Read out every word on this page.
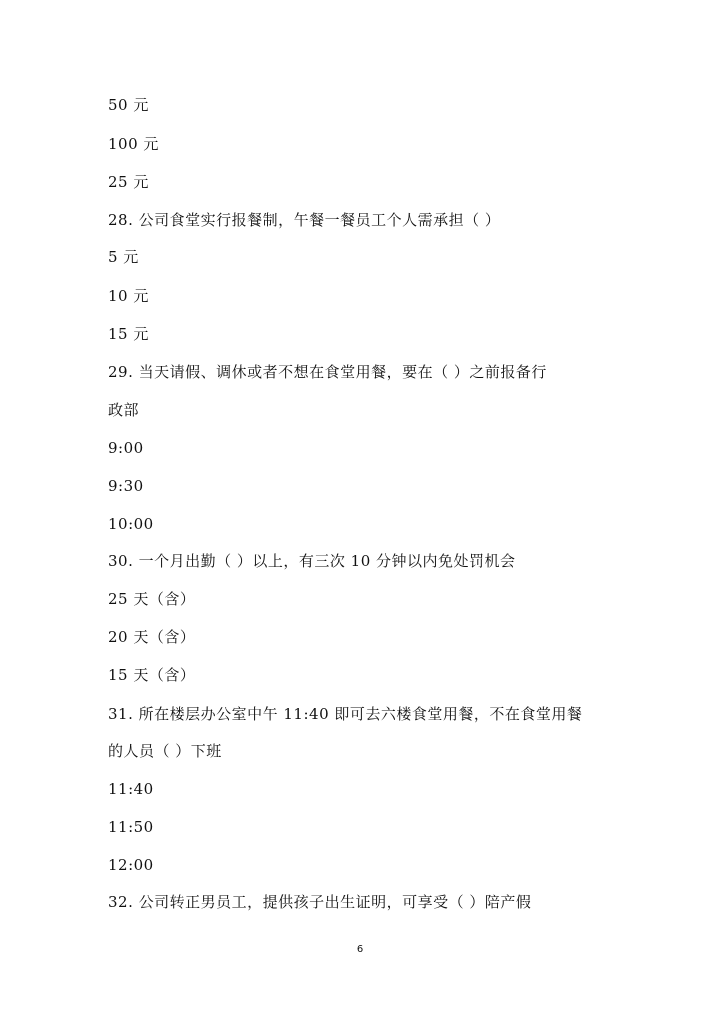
50 元
100 元
25 元
28. 公司食堂实行报餐制，午餐一餐员工个人需承担（ ）
5 元
10 元
15 元
29. 当天请假、调休或者不想在食堂用餐，要在（ ）之前报备行
政部
9:00
9:30
10:00
30. 一个月出勤（ ）以上，有三次 10 分钟以内免处罚机会
25 天（含）
20 天（含）
15 天（含）
31. 所在楼层办公室中午 11:40 即可去六楼食堂用餐，不在食堂用餐
的人员（ ）下班
11:40
11:50
12:00
32. 公司转正男员工，提供孩子出生证明，可享受（ ）陪产假
6
